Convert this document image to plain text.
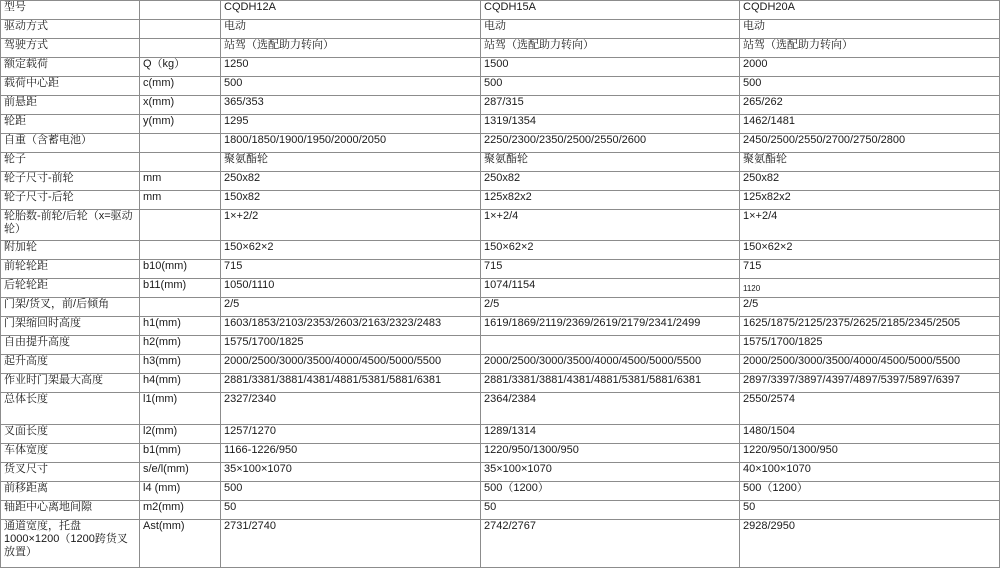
型号		CQDH12A	CQDH15A	CQDH20A
驱动方式		电动	电动	电动
驾驶方式		站驾（选配助力转向）	站驾（选配助力转向）	站驾（选配助力转向）
额定载荷	Q（kg）	1250	1500	2000
载荷中心距	c(mm)	500	500	500
前悬距	x(mm)	365/353	287/315	265/262
轮距	y(mm)	1295	1319/1354	1462/1481
自重（含蓄电池）		1800/1850/1900/1950/2000/2050	2250/2300/2350/2500/2550/2600	2450/2500/2550/2700/2750/2800
轮子		聚氨酯轮	聚氨酯轮	聚氨酯轮
轮子尺寸-前轮	mm	250x82	250x82	250x82
轮子尺寸-后轮	mm	150x82	125x82x2	125x82x2
轮胎数-前轮/后轮（x=驱动轮）		1×+2/2	1×+2/4	1×+2/4
附加轮		150×62×2	150×62×2	150×62×2
前轮轮距	b10(mm)	715	715	715
后轮轮距	b11(mm)	1050/1110	1074/1154	1120
门架/货叉，前/后倾角		2/5	2/5	2/5
门架缩回时高度	h1(mm)	1603/1853/2103/2353/2603/2163/2323/2483	1619/1869/2119/2369/2619/2179/2341/2499	1625/1875/2125/2375/2625/2185/2345/2505
自由提升高度	h2(mm)	1575/1700/1825		1575/1700/1825
起升高度	h3(mm)	2000/2500/3000/3500/4000/4500/5000/5500	2000/2500/3000/3500/4000/4500/5000/5500	2000/2500/3000/3500/4000/4500/5000/5500
作业时门架最大高度	h4(mm)	2881/3381/3881/4381/4881/5381/5881/6381	2881/3381/3881/4381/4881/5381/5881/6381	2897/3397/3897/4397/4897/5397/5897/6397
总体长度	l1(mm)	2327/2340	2364/2384	2550/2574
叉面长度	l2(mm)	1257/1270	1289/1314	1480/1504
车体宽度	b1(mm)	1166-1226/950	1220/950/1300/950	1220/950/1300/950
货叉尺寸	s/e/l(mm)	35×100×1070	35×100×1070	40×100×1070
前移距离	l4 (mm)	500	500（1200）	500（1200）
轴距中心离地间隙	m2(mm)	50	50	50
通道宽度，托盘1000×1200（1200跨货叉放置）	Ast(mm)	2731/2740	2742/2767	2928/2950
